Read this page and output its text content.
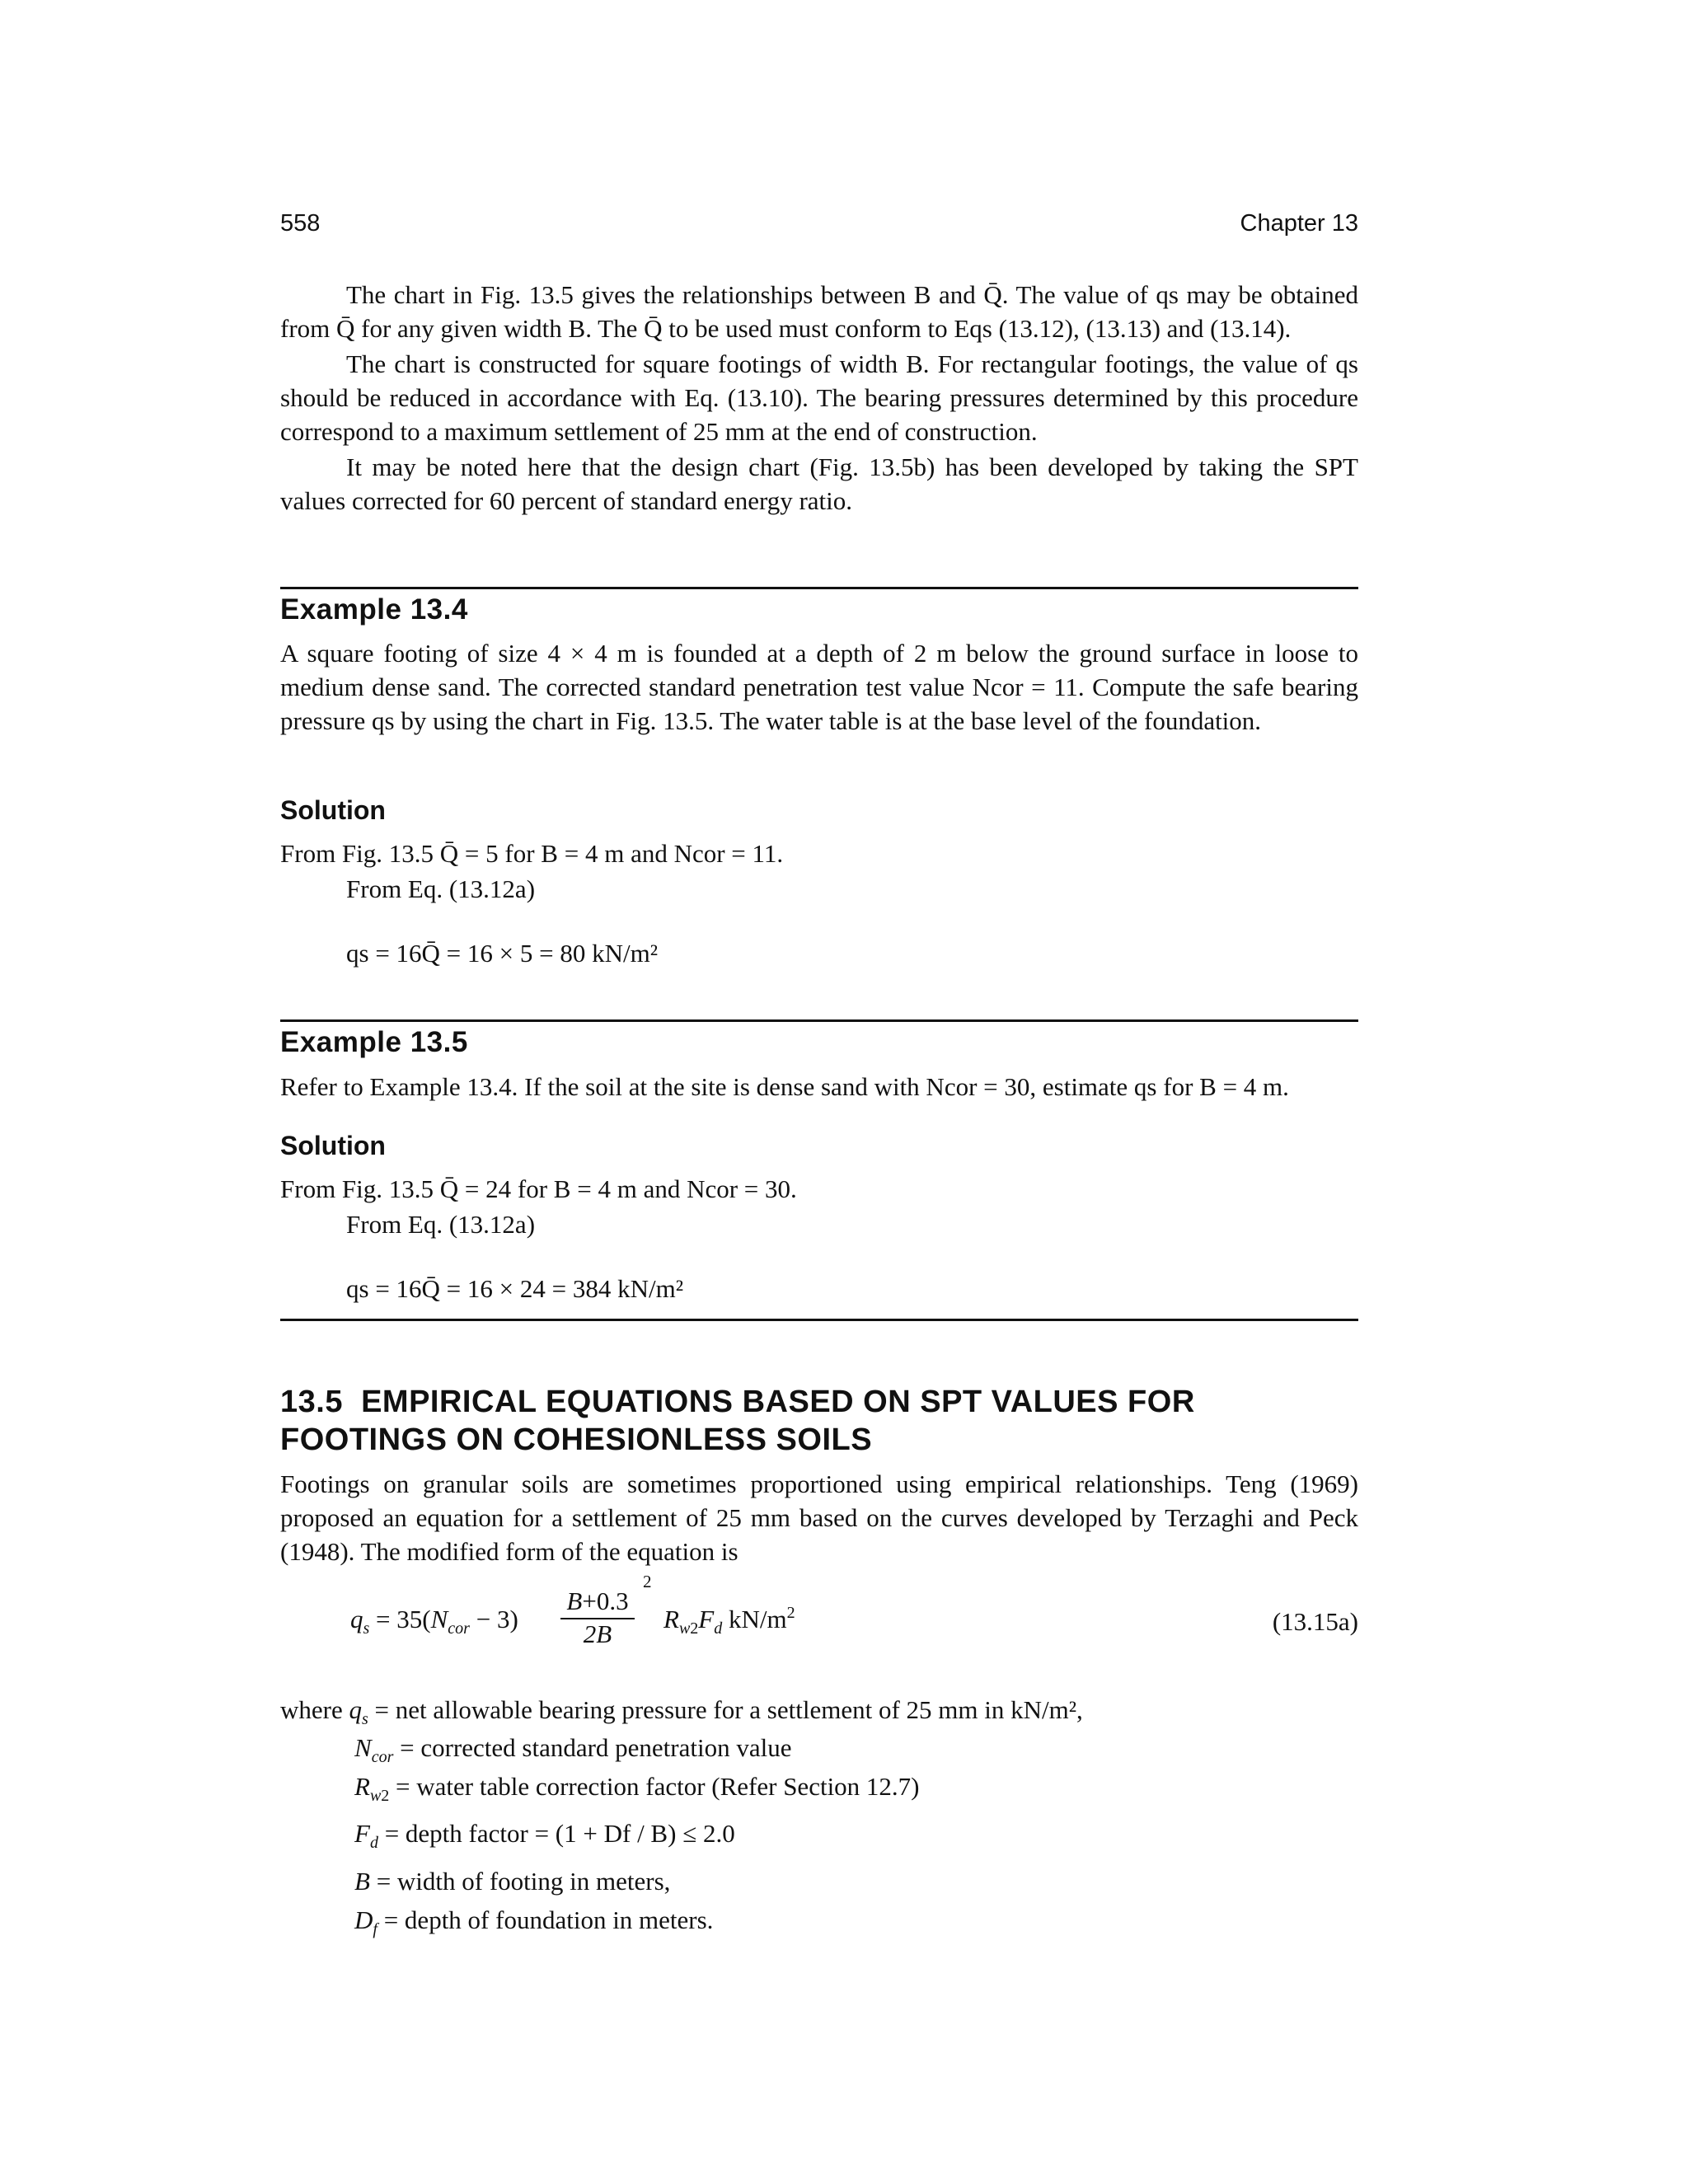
558	Chapter 13

The chart in Fig. 13.5 gives the relationships between B and Q̄. The value of qs may be obtained from Q̄ for any given width B. The Q̄ to be used must conform to Eqs (13.12), (13.13) and (13.14).

The chart is constructed for square footings of width B. For rectangular footings, the value of qs should be reduced in accordance with Eq. (13.10). The bearing pressures determined by this procedure correspond to a maximum settlement of 25 mm at the end of construction.

It may be noted here that the design chart (Fig. 13.5b) has been developed by taking the SPT values corrected for 60 percent of standard energy ratio.

Example 13.4

A square footing of size 4 × 4 m is founded at a depth of 2 m below the ground surface in loose to medium dense sand. The corrected standard penetration test value Ncor = 11. Compute the safe bearing pressure qs by using the chart in Fig. 13.5. The water table is at the base level of the foundation.

Solution
From Fig. 13.5 Q̄ = 5 for B = 4 m and Ncor = 11.
From Eq. (13.12a)
qs = 16Q̄ = 16 × 5 = 80 kN/m²
Example 13.5
Refer to Example 13.4. If the soil at the site is dense sand with Ncor = 30, estimate qs for B = 4 m.
Solution
From Fig. 13.5 Q̄ = 24 for B = 4 m and Ncor = 30.
From Eq. (13.12a)
qs = 16Q̄ = 16 × 24 = 384 kN/m²
13.5  EMPIRICAL EQUATIONS BASED ON SPT VALUES FOR
FOOTINGS ON COHESIONLESS SOILS

Footings on granular soils are sometimes proportioned using empirical relationships. Teng (1969) proposed an equation for a settlement of 25 mm based on the curves developed by Terzaghi and Peck (1948). The modified form of the equation is

$q_s = 35(N_{cor} - 3)$
B+0.3
2B
2
$R_{w2}F_d$ $kN/m^2$	(13.15a)
where $q_s$ = net allowable bearing pressure for a settlement of 25 mm in kN/m²,
$N_{cor}$ = corrected standard penetration value
$R_{w2}$ = water table correction factor (Refer Section 12.7)
$F_d$ = depth factor = (1 + Df / B) ≤ 2.0
B = width of footing in meters,
$D_f$ = depth of foundation in meters.
